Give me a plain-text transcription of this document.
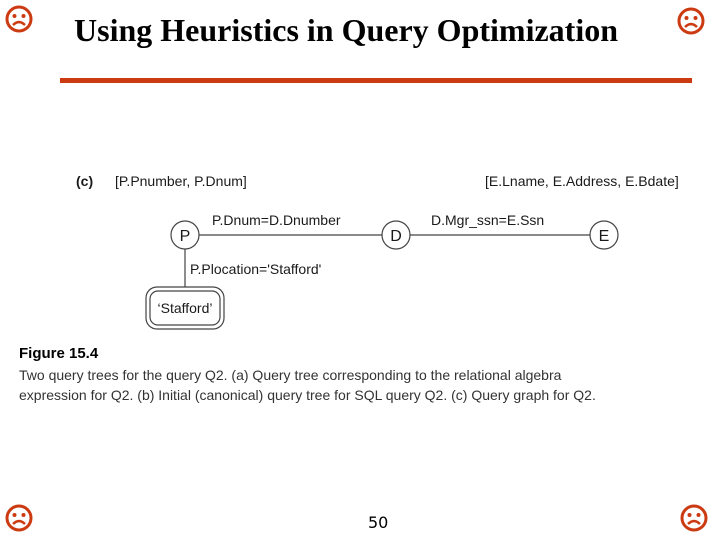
Using Heuristics in Query Optimization
(c) [P.Pnumber, P.Dnum]	[E.Lname, E.Address, E.Bdate]
P.Dnum=D.Dnumber	D.Mgr_ssn=E.Ssn
P.Plocation='Stafford'
P	D	E
‘Stafford’
Figure 15.4
Two query trees for the query Q2. (a) Query tree corresponding to the relational algebra
expression for Q2. (b) Initial (canonical) query tree for SQL query Q2. (c) Query graph for Q2.
50
